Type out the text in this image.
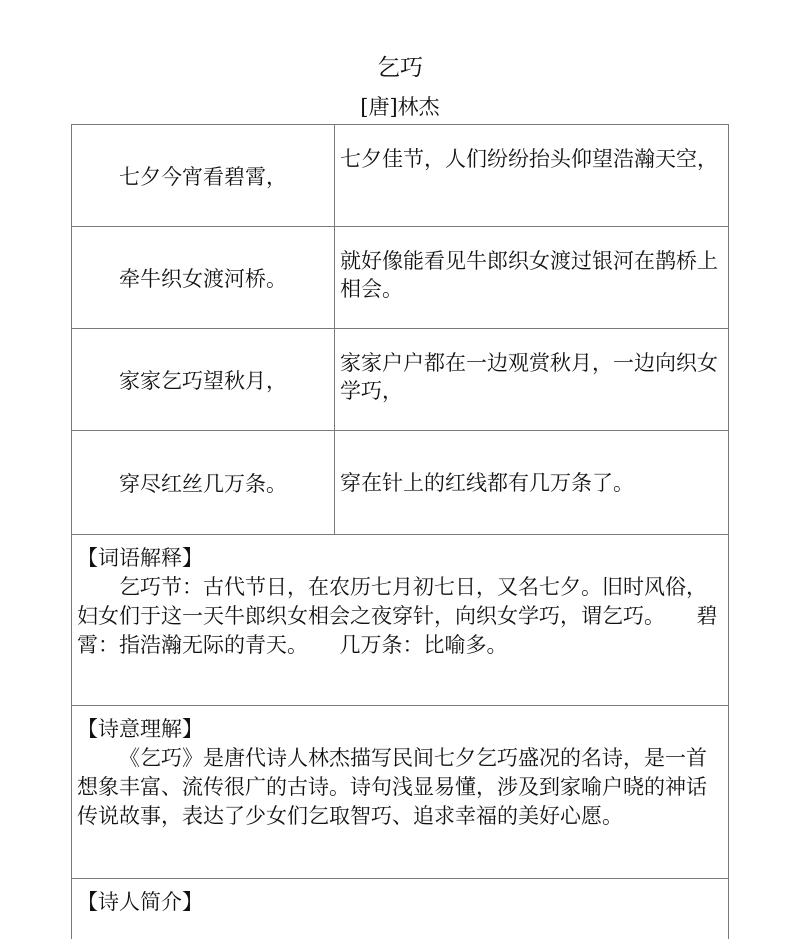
乞巧
[唐]林杰
七夕今宵看碧霄，
七夕佳节，人们纷纷抬头仰望浩瀚天空，
牵牛织女渡河桥。
就好像能看见牛郎织女渡过银河在鹊桥上相会。
家家乞巧望秋月，
家家户户都在一边观赏秋月，一边向织女学巧，
穿尽红丝几万条。	穿在针上的红线都有几万条了。
【词语解释】
乞巧节：古代节日，在农历七月初七日，又名七夕。旧时风俗，妇女们于这一天牛郎织女相会之夜穿针，向织女学巧，谓乞巧。　　碧霄：指浩瀚无际的青天。　　几万条：比喻多。
【诗意理解】
《乞巧》是唐代诗人林杰描写民间七夕乞巧盛况的名诗，是一首想象丰富、流传很广的古诗。诗句浅显易懂，涉及到家喻户晓的神话传说故事，表达了少女们乞取智巧、追求幸福的美好心愿。
【诗人简介】
